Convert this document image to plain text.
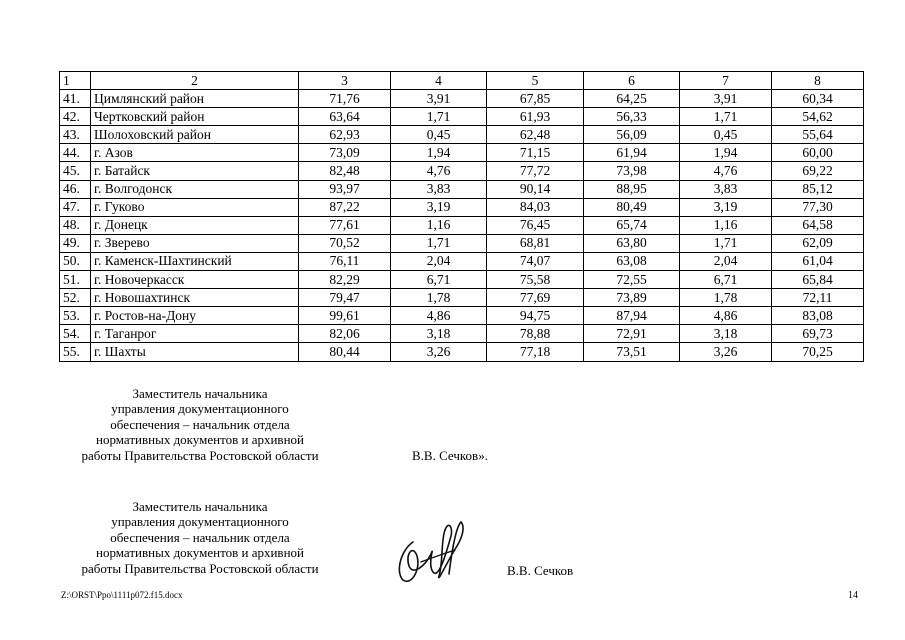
1	2	3	4	5	6	7	8
41.	Цимлянский район	71,76	3,91	67,85	64,25	3,91	60,34
42.	Чертковский район	63,64	1,71	61,93	56,33	1,71	54,62
43.	Шолоховский район	62,93	0,45	62,48	56,09	0,45	55,64
44.	г. Азов	73,09	1,94	71,15	61,94	1,94	60,00
45.	г. Батайск	82,48	4,76	77,72	73,98	4,76	69,22
46.	г. Волгодонск	93,97	3,83	90,14	88,95	3,83	85,12
47.	г. Гуково	87,22	3,19	84,03	80,49	3,19	77,30
48.	г. Донецк	77,61	1,16	76,45	65,74	1,16	64,58
49.	г. Зверево	70,52	1,71	68,81	63,80	1,71	62,09
50.	г. Каменск-Шахтинский	76,11	2,04	74,07	63,08	2,04	61,04
51.	г. Новочеркасск	82,29	6,71	75,58	72,55	6,71	65,84
52.	г. Новошахтинск	79,47	1,78	77,69	73,89	1,78	72,11
53.	г. Ростов-на-Дону	99,61	4,86	94,75	87,94	4,86	83,08
54.	г. Таганрог	82,06	3,18	78,88	72,91	3,18	69,73
55.	г. Шахты	80,44	3,26	77,18	73,51	3,26	70,25
Заместитель начальника
управления документационного
обеспечения – начальник отдела
нормативных документов и архивной
работы Правительства Ростовской области	В.В. Сечков».
Заместитель начальника
управления документационного
обеспечения – начальник отдела
нормативных документов и архивной
работы Правительства Ростовской области	В.В. Сечков
Z:\ORST\Ppo\1111p072.f15.docx	14
